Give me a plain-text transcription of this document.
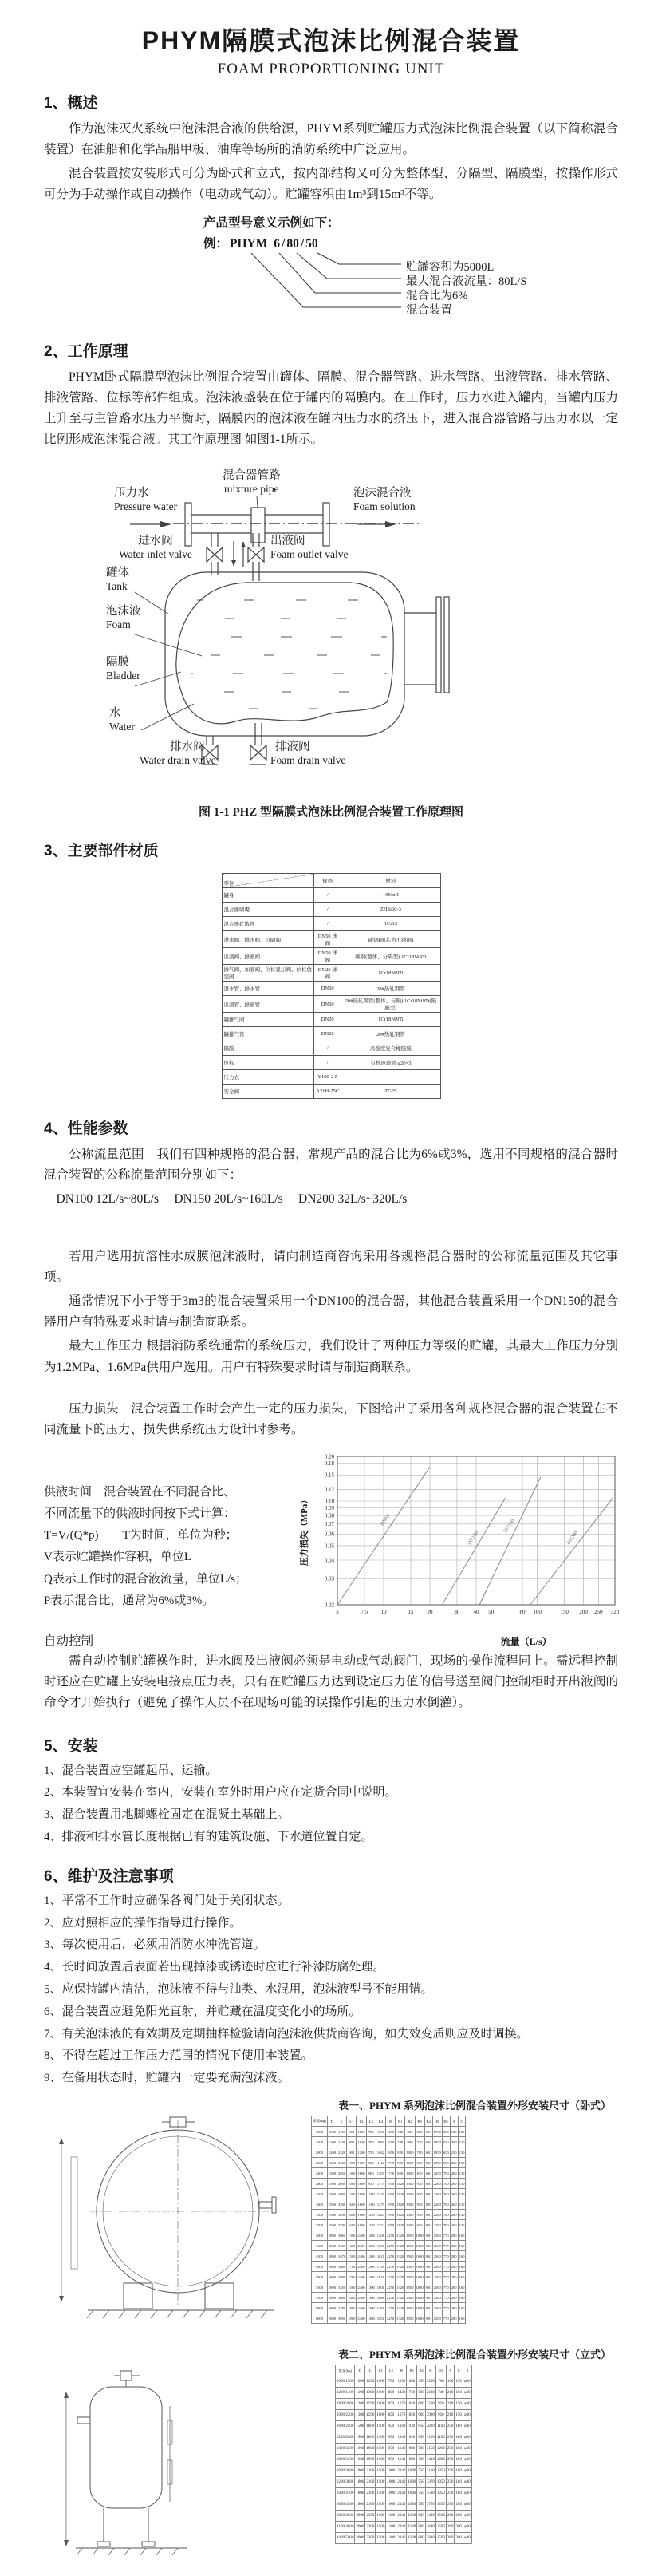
PHYM隔膜式泡沫比例混合装置
FOAM PROPORTIONING UNIT
1、概述
作为泡沫灭火系统中泡沫混合液的供给源，PHYM系列贮罐压力式泡沫比例混合装置（以下简称混合装置）在油船和化学品船甲板、油库等场所的消防系统中广泛应用。
混合装置按安装形式可分为卧式和立式，按内部结构又可分为整体型、分隔型、隔膜型，按操作形式可分为手动操作或自动操作（电动或气动）。贮罐容积由1m³到15m³不等。
产品型号意义示例如下：
例： PHYM 6 / 80 / 50
贮罐容积为5000L
最大混合液流量：80L/S
混合比为6%
混合装置
2、工作原理
PHYM卧式隔膜型泡沫比例混合装置由罐体、隔膜、混合器管路、进水管路、出液管路、排水管路、排液管路、位标等部件组成。泡沫液盛装在位于罐内的隔膜内。在工作时，压力水进入罐内，当罐内压力上升至与主管路水压力平衡时，隔膜内的泡沫液在罐内压力水的挤压下，进入混合器管路与压力水以一定比例形成泡沫混合液。其工作原理图 如图1-1所示。
压力水
Pressure water
混合器管路
mixture pipe	泡沫混合液
Foam solution
进水阀
Water inlet valve
出液阀
Foam outlet valve
罐体
Tank
泡沫液
Foam
隔膜
Bladder
水
Water
排水阀
Water drain valve
排液阀
Foam drain valve
图 1-1 PHZ 型隔膜式泡沫比例混合装置工作原理图
3、主要部件材质
零件	规格	材料
罐身	/	16MnR
混合器喷嘴	/	ZHSi60-3
混合器扩散管	/	1Cr13
进水阀、排水阀、分隔阀	DN50 球阀	碳钢(阀芯为不锈钢)
出液阀、排液阀	DN50 球阀	碳钢(整体、分隔型) 1Cr18Ni9Ti
排气阀、加液阀、位标显示阀、位标放空阀	DN20 球阀	1Cr18Ni9Ti
进水管、排水管	DN50	20#热轧钢管
出液管、排液管	DN50	20#热轧钢管(整体、分隔) 1Cr18Ni9Ti(隔膜型)
罐排气阀	DN20	1Cr18Ni9Ti
罐排气管	DN20	20#热轧钢管
隔膜	/	高强度复合橡胶膜
位标	/	有机玻璃管 φ20×3
压力表	Y100-2.5	
安全阀	A21H-25C	ZG25
4、性能参数
公称流量范围　我们有四种规格的混合器，常规产品的混合比为6%或3%，选用不同规格的混合器时混合装置的公称流量范围分别如下：
DN100 12L/s~80L/s　 DN150 20L/s~160L/s　 DN200 32L/s~320L/s
若用户选用抗溶性水成膜泡沫液时，请向制造商咨询采用各规格混合器时的公称流量范围及其它事项。
通常情况下小于等于3m3的混合装置采用一个DN100的混合器，其他混合装置采用一个DN150的混合器用户有特殊要求时请与制造商联系。
最大工作压力 根据消防系统通常的系统压力，我们设计了两种压力等级的贮罐，其最大工作压力分别为1.2MPa、1.6MPa供用户选用。用户有特殊要求时请与制造商联系。
压力损失　混合装置工作时会产生一定的压力损失，下图给出了采用各种规格混合器的混合装置在不同流量下的压力、损失供系统压力设计时参考。
供液时间　混合装置在不同混合比、
不同流量下的供液时间按下式计算：
T=V/(Q*p)　　T为时间，单位为秒；
V表示贮罐操作容积，单位L
Q表示工作时的混合液流量，单位L/s；
P表示混合比，通常为6%或3%。
自动控制
0.20
0.18
0.15
0.12
0.10
0.09
0.08
0.07
0.06
0.05
0.04
0.03
0.02
5	7.5 10	15 20	30 40 50	80 100	150 200 250 320
DN65
DN100
DN150
DN200
流量（L/s）
压力损失（MPa）
需自动控制贮罐操作时，进水阀及出液阀必须是电动或气动阀门，现场的操作流程同上。需远程控制时还应在贮罐上安装电接点压力表，只有在贮罐压力达到设定压力值的信号送至阀门控制柜时开出液阀的命令才开始执行（避免了操作人员不在现场可能的误操作引起的压力水倒灌）。
5、安装
1、混合装置应空罐起吊、运输。
2、本装置宜安装在室内，安装在室外时用户应在定货合同中说明。
3、混合装置用地脚螺栓固定在混凝土基础上。
4、排液和排水管长度根据已有的建筑设施、下水道位置自定。
6、维护及注意事项
1、平常不工作时应确保各阀门处于关闭状态。
2、应对照相应的操作指导进行操作。
3、每次使用后，必须用消防水冲洗管道。
4、长时间放置后表面若出现掉漆或锈迹时应进行补漆防腐处理。
5、应保持罐内清洁，泡沫液不得与油类、水混用，泡沫液型号不能用错。
6、混合装置应避免阳光直射，并贮藏在温度变化小的场所。
7、有关泡沫液的有效期及定期抽样检验请向泡沫液供货商咨询，如失效变质则应及时调换。
8、不得在超过工作压力范围的情况下使用本装置。
9、在备用状态时，贮罐内一定要充满泡沫液。
表一、PHYM 系列泡沫比例混合装置外形安装尺寸（卧式）
重量(kg)	D	L	L1	L2	L3	L4	B	B1	B2	B3	B4	H	H1	A	C
1200	1000	1760	700	1100	700	763	1450	740	900	680	600	1750	600	180	100
1400	1100	2100	800	1140	700	930	1550	740	900	730	650	1850	650	200	120
2000	1200	2320	900	1200	750	1042	1650	820	1000	780	650	1950	650	230	130
2200	1300	2460	1000	1600	900	1112	1730	820	1000	830	680	2050	650	260	130
2400	1300	2850	1300	1600	900	1307	1730	820	1000	830	680	2050	700	260	130
2800	1500	2600	1000	1600	950	1179	1950	1120	1300	930	800	2260	700	260	130
3200	1500	2900	1300	1600	1100	1329	1950	1120	1300	930	800	2260	700	260	130
3400	1500	3200	1600	1600	1100	1479	1950	1120	1300	930	800	2260	700	260	130
3500	1500	3490	1600	1600	1250	1624	1950	1120	1300	930	800	2260	700	260	130
3700	1500	3790	1600	1600	1250	1774	1950	1120	1300	930	800	2260	700	260	130
4000	1800	3060	1300	2400	1200	1406	2250	1320	1500	1080	950	2560	770	280	160
4300	1800	3260	1400	2400	1200	1506	2250	1320	1500	1080	950	2560	770	280	160
4500	1800	3470	1500	2400	1200	1611	2250	1320	1500	1080	950	2560	770	280	160
4800	1800	3680	1700	2400	1200	1716	2250	1320	1500	1080	950	2560	770	280	160
5000	1800	3880	1700	2400	1200	1816	2250	1320	1500	1080	950	2560	770	280	160
5300	1800	3450	1500	2400	1300	1601	2250	1320	1500	1080	950	2560	770	280	160
5500	1800	3600	1600	2400	1300	1686	2250	1320	1500	1080	950	2560	770	280	160
5800	1800	3780	1800	2400	1300	1765	2250	1320	1500	1080	950	2560	770	280	160
6000	1800	3950	1800	2400	1300	1851	2250	1320	1500	1080	950	2560	770	280	160
表二、PHYM 系列泡沫比例混合装置外形安装尺寸（立式）
重量(kg)	D	L	L1	L2	B	B1	B2	H	D1	A	C	d
1000/1200	1000	1290	1000	750	1330	680	450	2290	700	160	110	φ30
1200/1400	1100	1390	1000	800	1430	730	500	2620	740	210	150	φ30
1800/2000	1200	1590	1000	850	1670	830	600	2590	950	210	150	φ30
1900/2200	1300	1590	1000	850	1670	830	600	2990	950	210	150	φ30
2000/2500	1500	1800	1500	950	1840	930	650	2820	1100	250	180	φ30
2200/2800	1500	1800	1500	950	1840	930	650	3120	1100	250	180	φ30
2400/3200	1600	1900	1500	950	1640	980	700	3150	1200	250	180	φ30
2800/3400	1600	1900	1500	950	1640	980	700	3410	1200	250	180	φ30
3000/3600	1800	2100	1500	1000	2140	1080	750	3160	1350	250	180	φ30
3200/3800	1800	2100	1500	1000	2140	1080	750	3370	1350	250	180	φ30
3400/4100	1800	2100	1500	1000	2140	1080	750	3580	1350	250	180	φ30
3600/4300	1800	2100	1500	1000	2140	1080	750	3780	1350	250	180	φ30
3800/4500	2000	2300	1500	1100	2340	1180	800	3480	1500	260	200	φ30
4100/4800	2000	2300	1500	1100	2340	1180	800	3640	1500	260	200	φ30
4400/5000	2000	2300	1500	1100	2340	1180	800	3810	1500	260	200	φ30
